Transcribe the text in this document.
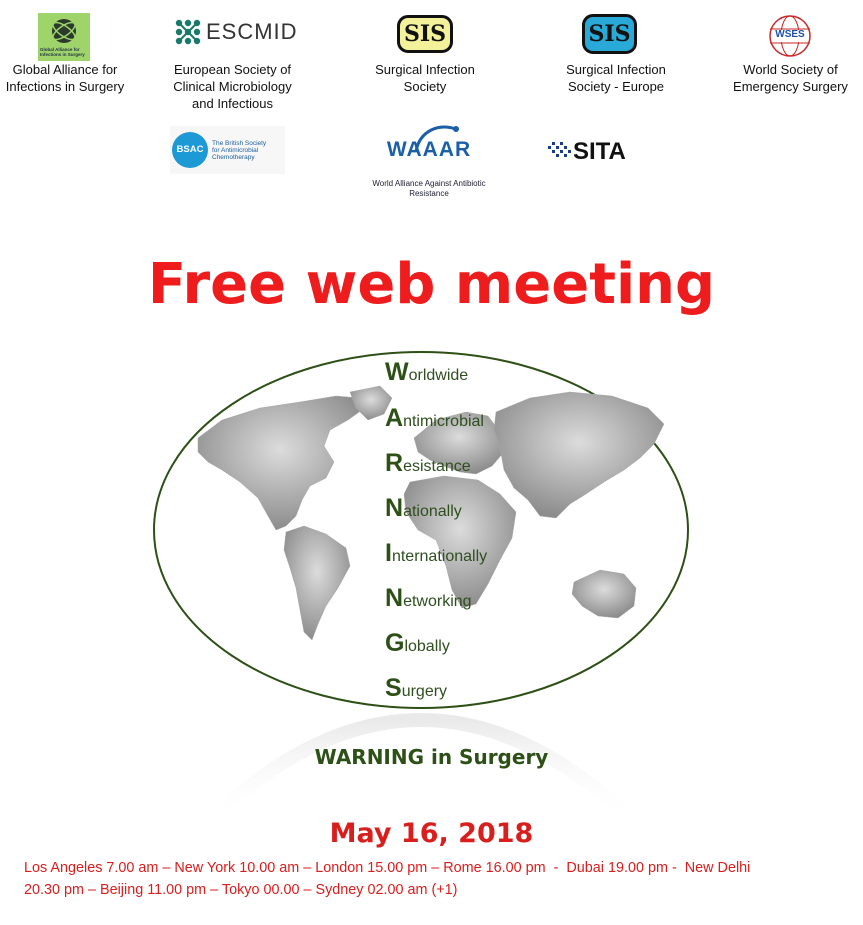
Global Alliance for Infections in Surgery
ESCMID	SIS	SIS	WSES
Global Alliance for
Infections in Surgery
European Society of
Clinical Microbiology
and Infectious
Surgical Infection
Society
Surgical Infection
Society - Europe
World Society of
Emergency Surgery
BSAC
The British Society
for Antimicrobial
Chemotherapy	WAAAR
World Alliance Against Antibiotic
Resistance
SITA
Free web meeting
Worldwide
Antimicrobial
Resistance
Nationally
Internationally
Networking
Globally
Surgery
WARNING in Surgery
May 16, 2018
Los Angeles 7.00 am – New York 10.00 am – London 15.00 pm – Rome 16.00 pm  -  Dubai 19.00 pm -  New Delhi
20.30 pm – Beijing 11.00 pm – Tokyo 00.00 – Sydney 02.00 am (+1)
